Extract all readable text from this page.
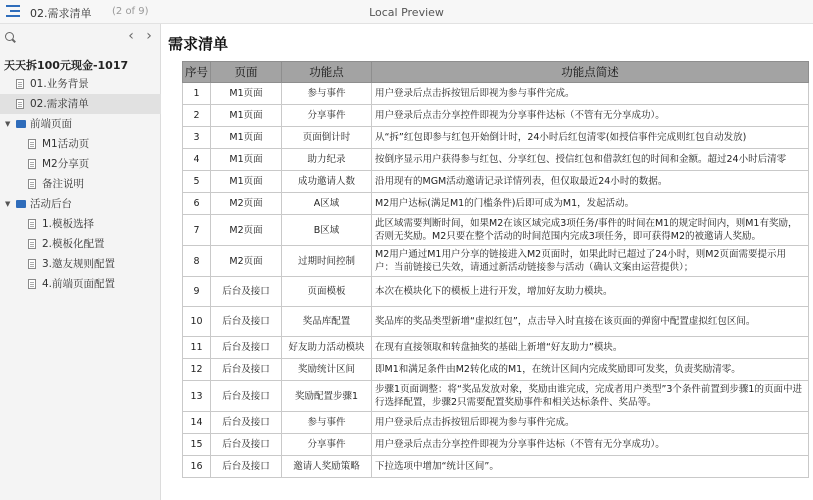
02.需求清单 (2 of 9)	Local Preview
‹ ›
天天拆100元现金-1017
01.业务背景
02.需求清单
▼ 前端页面
M1活动页
M2分享页
备注说明
▼ 活动后台
1.模板选择
2.模板化配置
3.邀友规则配置
4.前端页面配置
需求清单
序号	页面	功能点	功能点简述
1	M1页面	参与事件	用户登录后点击拆按钮后即视为参与事件完成。
2	M1页面	分享事件	用户登录后点击分享控件即视为分享事件达标（不管有无分享成功）。
3	M1页面	页面倒计时	从“拆”红包即参与红包开始倒计时，24小时后红包清零(如授信事件完成则红包自动发放)
4	M1页面	助力纪录	按倒序显示用户获得参与红包、分享红包、授信红包和借款红包的时间和金额。超过24小时后清零
5	M1页面	成功邀请人数	沿用现有的MGM活动邀请记录详情列表，但仅取最近24小时的数据。
6	M2页面	A区域	M2用户达标(满足M1的门槛条件)后即可成为M1，发起活动。
7	M2页面	B区域	此区域需要判断时间，如果M2在该区域完成3项任务/事件的时间在M1的规定时间内，则M1有奖励，否则无奖励。M2只要在整个活动的时间范围内完成3项任务，即可获得M2的被邀请人奖励。
8	M2页面	过期时间控制	M2用户通过M1用户分享的链接进入M2页面时，如果此时已超过了24小时，则M2页面需要提示用户：当前链接已失效，请通过新活动链接参与活动（确认文案由运营提供）；
9	后台及接口	页面模板	本次在模块化下的模板上进行开发，增加好友助力模块。
10	后台及接口	奖品库配置	奖品库的奖品类型新增“虚拟红包”，点击导入时直接在该页面的弹窗中配置虚拟红包区间。
11	后台及接口	好友助力活动模块	在现有直接领取和转盘抽奖的基础上新增“好友助力”模块。
12	后台及接口	奖励统计区间	即M1和满足条件由M2转化成的M1，在统计区间内完成奖励即可发奖，负责奖励清零。
13	后台及接口	奖励配置步骤1	步骤1页面调整：将“奖品发放对象，奖励由谁完成，完成者用户类型”3个条件前置到步骤1的页面中进行选择配置，步骤2只需要配置奖励事件和相关达标条件、奖品等。
14	后台及接口	参与事件	用户登录后点击拆按钮后即视为参与事件完成。
15	后台及接口	分享事件	用户登录后点击分享控件即视为分享事件达标（不管有无分享成功）。
16	后台及接口	邀请人奖励策略	下拉选项中增加“统计区间”。
